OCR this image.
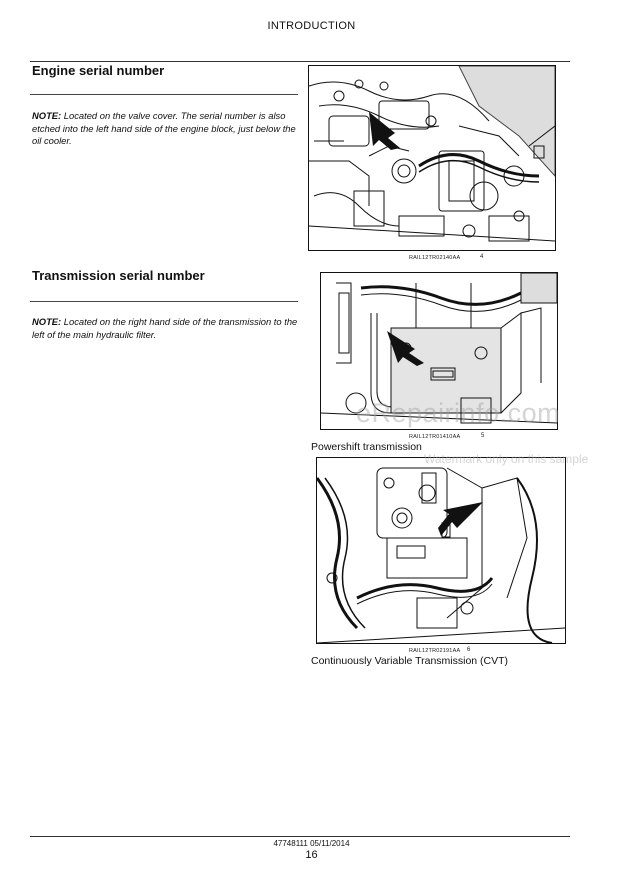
INTRODUCTION
Engine serial number
NOTE: Located on the valve cover. The serial number is also etched into the left hand side of the engine block, just below the oil cooler.
RAIL12TR02140AA	4
Transmission serial number
NOTE: Located on the right hand side of the transmission to the left of the main hydraulic filter.
RAIL12TR01410AA	5
Powershift transmission
RAIL12TR02191AA 6
Continuously Variable Transmission (CVT)
eRepairinfo.com
Watermark only on this sample
47748111 05/11/2014
16
